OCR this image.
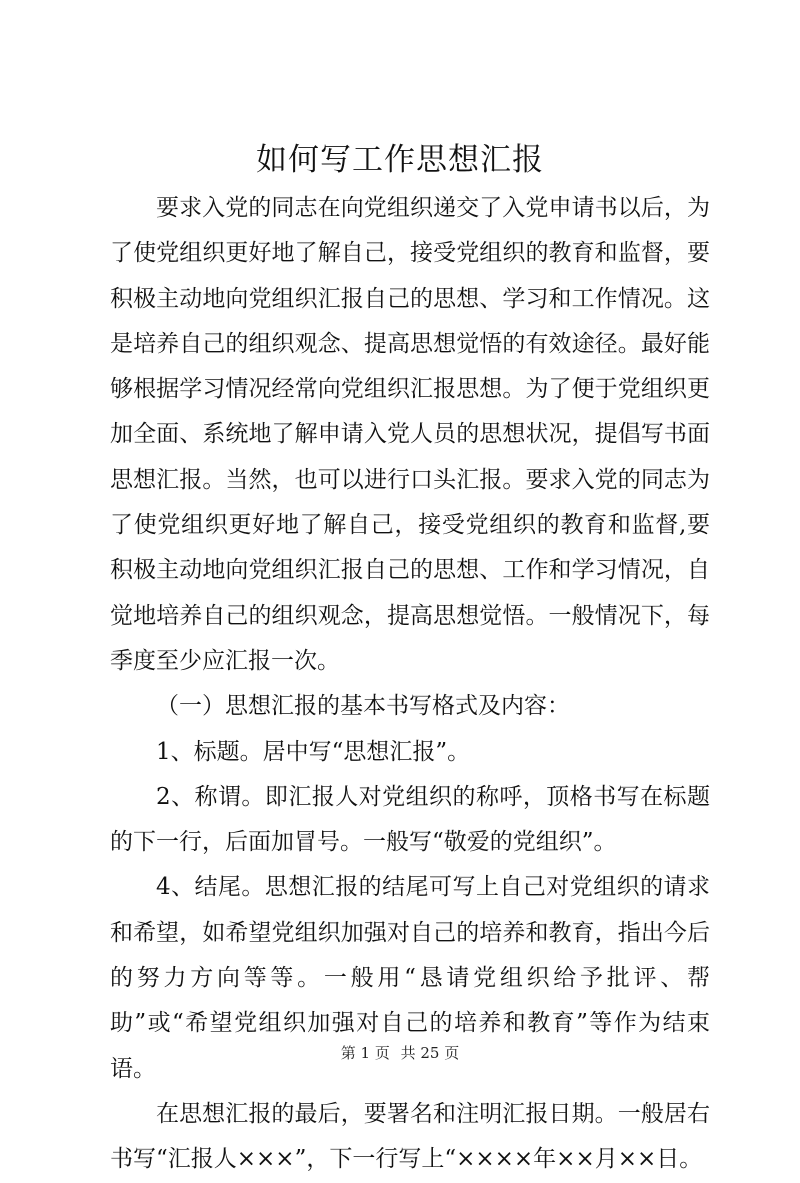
如何写工作思想汇报

要求入党的同志在向党组织递交了入党申请书以后，为了使党组织更好地了解自己，接受党组织的教育和监督，要积极主动地向党组织汇报自己的思想、学习和工作情况。这是培养自己的组织观念、提高思想觉悟的有效途径。最好能够根据学习情况经常向党组织汇报思想。为了便于党组织更加全面、系统地了解申请入党人员的思想状况，提倡写书面思想汇报。当然，也可以进行口头汇报。要求入党的同志为了使党组织更好地了解自己，接受党组织的教育和监督,要积极主动地向党组织汇报自己的思想、工作和学习情况，自觉地培养自己的组织观念，提高思想觉悟。一般情况下，每季度至少应汇报一次。

（一）思想汇报的基本书写格式及内容：

1、标题。居中写“思想汇报”。

2、称谓。即汇报人对党组织的称呼，顶格书写在标题的下一行，后面加冒号。一般写“敬爱的党组织”。

4、结尾。思想汇报的结尾可写上自己对党组织的请求和希望，如希望党组织加强对自己的培养和教育，指出今后的努力方向等等。一般用“恳请党组织给予批评、帮助”或“希望党组织加强对自己的培养和教育”等作为结束语。

在思想汇报的最后，要署名和注明汇报日期。一般居右书写“汇报人×××”，下一行写上“××××年××月××日。

第 1 页 共 25 页
